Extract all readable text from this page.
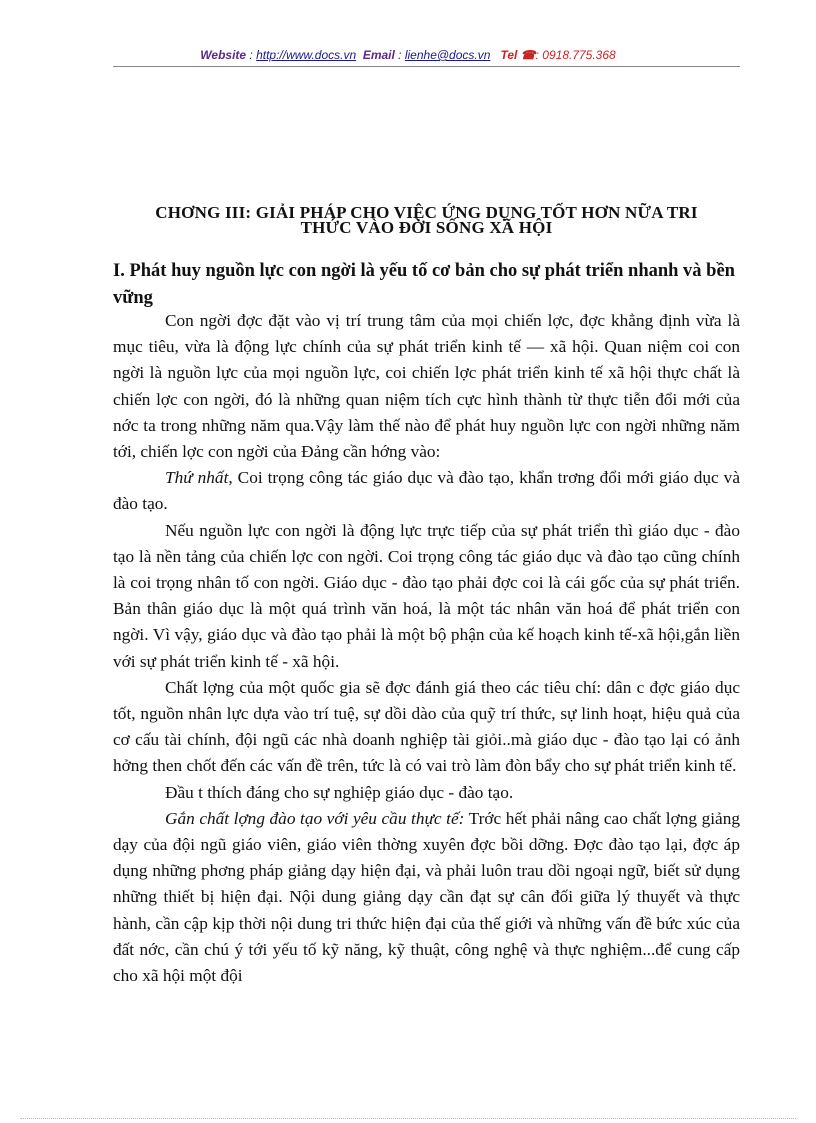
Website : http://www.docs.vn Email : lienhe@docs.vn Tel ☎: 0918.775.368
CHƠNG III: GIẢI PHÁP CHO VIỆC ỨNG DỤNG TỐT HƠN NỮA TRI
THỨC VÀO ĐỜI SỐNG XÃ HỘI
I. Phát huy nguồn lực con ngời là yếu tố cơ bản cho sự phát triển nhanh và bền vững

Con ngời đợc đặt vào vị trí trung tâm của mọi chiến lợc, đợc khẳng định vừa là mục tiêu, vừa là động lực chính của sự phát triển kinh tế — xã hội. Quan niệm coi con ngời là nguồn lực của mọi nguồn lực, coi chiến lợc phát triển kinh tế xã hội thực chất là chiến lợc con ngời, đó là những quan niệm tích cực hình thành từ thực tiễn đổi mới của nớc ta trong những năm qua.Vậy làm thế nào để phát huy nguồn lực con ngời những năm tới, chiến lợc con ngời của Đảng cần hớng vào:

Thứ nhất, Coi trọng công tác giáo dục và đào tạo, khẩn trơng đổi mới giáo dục và đào tạo.

Nếu nguồn lực con ngời là động lực trực tiếp của sự phát triển thì giáo dục - đào tạo là nền tảng của chiến lợc con ngời. Coi trọng công tác giáo dục và đào tạo cũng chính là coi trọng nhân tố con ngời. Giáo dục - đào tạo phải đợc coi là cái gốc của sự phát triển. Bản thân giáo dục là một quá trình văn hoá, là một tác nhân văn hoá để phát triển con ngời. Vì vậy, giáo dục và đào tạo phải là một bộ phận của kế hoạch kinh tế-xã hội,gắn liền với sự phát triển kinh tế - xã hội.

Chất lợng của một quốc gia sẽ đợc đánh giá theo các tiêu chí: dân c đợc giáo dục tốt, nguồn nhân lực dựa vào trí tuệ, sự dồi dào của quỹ trí thức, sự linh hoạt, hiệu quả của cơ cấu tài chính, đội ngũ các nhà doanh nghiệp tài giỏi..mà giáo dục - đào tạo lại có ảnh hởng then chốt đến các vấn đề trên, tức là có vai trò làm đòn bẩy cho sự phát triển kinh tế.

Đầu t thích đáng cho sự nghiệp giáo dục - đào tạo.

Gắn chất lợng đào tạo với yêu cầu thực tế: Trớc hết phải nâng cao chất lợng giảng dạy của đội ngũ giáo viên, giáo viên thờng xuyên đợc bồi dỡng. Đợc đào tạo lại, đợc áp dụng những phơng pháp giảng dạy hiện đại, và phải luôn trau dồi ngoại ngữ, biết sử dụng những thiết bị hiện đại. Nội dung giảng dạy cần đạt sự cân đối giữa lý thuyết và thực hành, cần cập kịp thời nội dung tri thức hiện đại của thế giới và những vấn đề bức xúc của đất nớc, cần chú ý tới yếu tố kỹ năng, kỹ thuật, công nghệ và thực nghiệm...để cung cấp cho xã hội một đội
